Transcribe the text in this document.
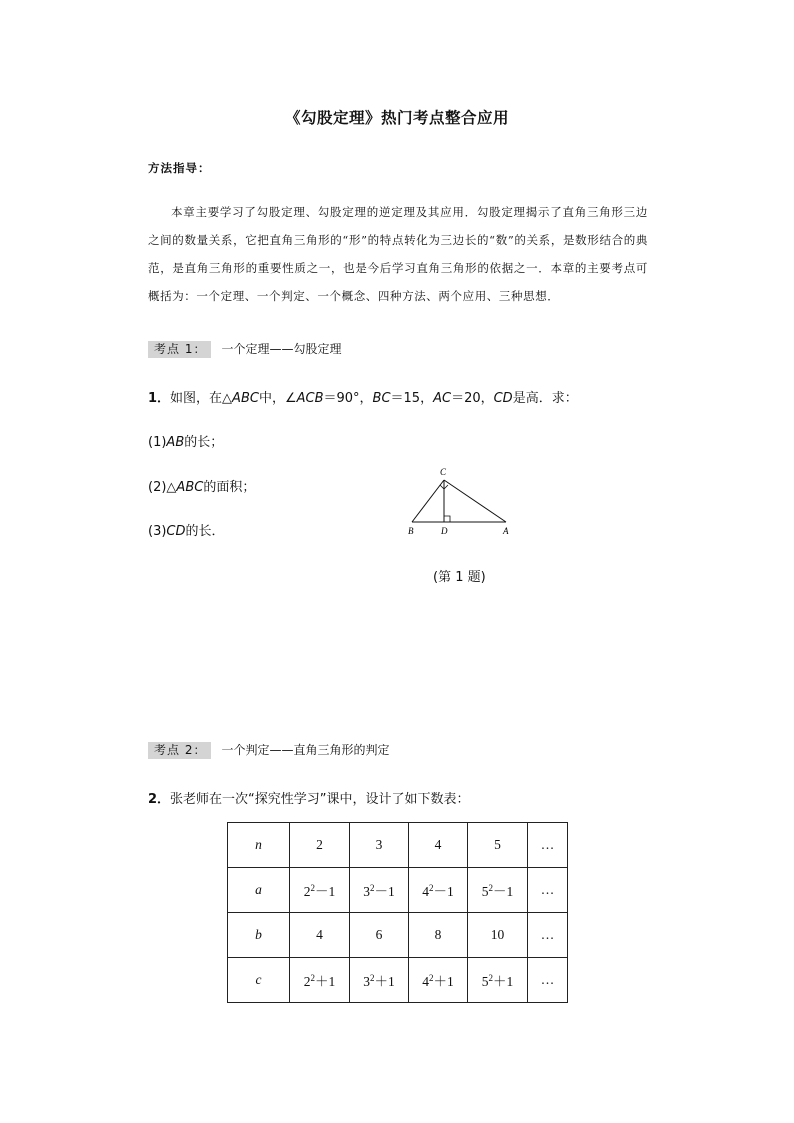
《勾股定理》热门考点整合应用
方法指导：
本章主要学习了勾股定理、勾股定理的逆定理及其应用．勾股定理揭示了直角三角形三边之间的数量关系，它把直角三角形的“形”的特点转化为三边长的“数”的关系，是数形结合的典范，是直角三角形的重要性质之一，也是今后学习直角三角形的依据之一．本章的主要考点可概括为：一个定理、一个判定、一个概念、四种方法、两个应用、三种思想．
考点 1： 一个定理——勾股定理
1．如图，在△ABC中，∠ACB＝90°，BC＝15，AC＝20，CD是高．求：
(1)AB的长；
(2)△ABC的面积；
(3)CD的长．
C
B	D	A
(第 1 题)
考点 2： 一个判定——直角三角形的判定
2．张老师在一次“探究性学习”课中，设计了如下数表：
n	2	3	4	5	…
a	$2^2-1$	$3^2-1$	$4^2-1$	$5^2-1$	…
b	4	6	8	10	…
c	$2^2+1$	$3^2+1$	$4^2+1$	$5^2+1$	…
